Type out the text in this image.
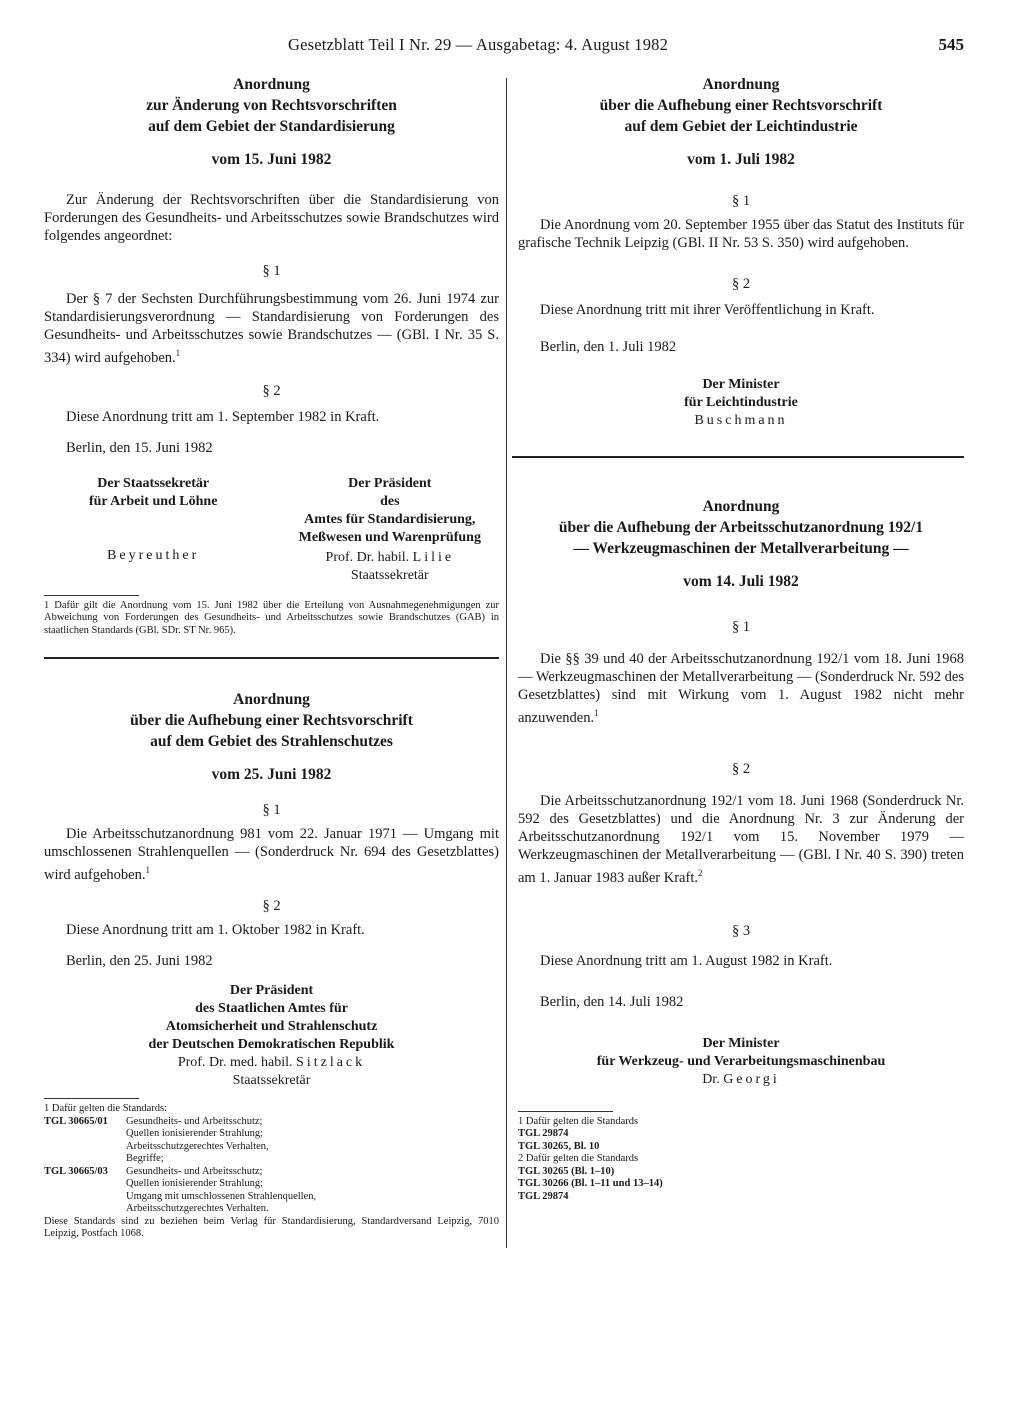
Gesetzblatt Teil I Nr. 29 — Ausgabetag: 4. August 1982	545
Anordnung
zur Änderung von Rechtsvorschriften
auf dem Gebiet der Standardisierung
vom 15. Juni 1982
Zur Änderung der Rechtsvorschriften über die Standardisierung von Forderungen des Gesundheits- und Arbeitsschutzes sowie Brandschutzes wird folgendes angeordnet:
§ 1
Der § 7 der Sechsten Durchführungsbestimmung vom 26. Juni 1974 zur Standardisierungsverordnung — Standardisierung von Forderungen des Gesundheits- und Arbeitsschutzes sowie Brandschutzes — (GBl. I Nr. 35 S. 334) wird aufgehoben.$^1$
§ 2
Diese Anordnung tritt am 1. September 1982 in Kraft.
Berlin, den 15. Juni 1982
Der Staatssekretär
für Arbeit und Löhne
Beyreuther
Der Präsident
des
Amtes für Standardisierung,
Meßwesen und Warenprüfung
Prof. Dr. habil. Lilie
Staatssekretär
1 Dafür gilt die Anordnung vom 15. Juni 1982 über die Erteilung von Ausnahmegenehmigungen zur Abweichung von Forderungen des Gesundheits- und Arbeitsschutzes sowie Brandschutzes (GAB) in staatlichen Standards (GBl. SDr. ST Nr. 965).
Anordnung
über die Aufhebung einer Rechtsvorschrift
auf dem Gebiet des Strahlenschutzes
vom 25. Juni 1982
§ 1
Die Arbeitsschutzanordnung 981 vom 22. Januar 1971 — Umgang mit umschlossenen Strahlenquellen — (Sonderdruck Nr. 694 des Gesetzblattes) wird aufgehoben.$^1$
§ 2
Diese Anordnung tritt am 1. Oktober 1982 in Kraft.
Berlin, den 25. Juni 1982
Der Präsident
des Staatlichen Amtes für
Atomsicherheit und Strahlenschutz
der Deutschen Demokratischen Republik
Prof. Dr. med. habil. Sitzlack
Staatssekretär
1 Dafür gelten die Standards:
TGL 30665/01	Gesundheits- und Arbeitsschutz;
Quellen ionisierender Strahlung;
Arbeitsschutzgerechtes Verhalten,
Begriffe;
TGL 30665/03	Gesundheits- und Arbeitsschutz;
Quellen ionisierender Strahlung;
Umgang mit umschlossenen Strahlenquellen,
Arbeitsschutzgerechtes Verhalten.
Diese Standards sind zu beziehen beim Verlag für Standardisierung, Standardversand Leipzig, 7010 Leipzig, Postfach 1068.
Anordnung
über die Aufhebung einer Rechtsvorschrift
auf dem Gebiet der Leichtindustrie
vom 1. Juli 1982
§ 1
Die Anordnung vom 20. September 1955 über das Statut des Instituts für grafische Technik Leipzig (GBl. II Nr. 53 S. 350) wird aufgehoben.
§ 2
Diese Anordnung tritt mit ihrer Veröffentlichung in Kraft.
Berlin, den 1. Juli 1982
Der Minister
für Leichtindustrie
Buschmann
Anordnung
über die Aufhebung der Arbeitsschutzanordnung 192/1
— Werkzeugmaschinen der Metallverarbeitung —
vom 14. Juli 1982
§ 1
Die §§ 39 und 40 der Arbeitsschutzanordnung 192/1 vom 18. Juni 1968 — Werkzeugmaschinen der Metallverarbeitung — (Sonderdruck Nr. 592 des Gesetzblattes) sind mit Wirkung vom 1. August 1982 nicht mehr anzuwenden.$^1$
§ 2
Die Arbeitsschutzanordnung 192/1 vom 18. Juni 1968 (Sonderdruck Nr. 592 des Gesetzblattes) und die Anordnung Nr. 3 zur Änderung der Arbeitsschutzanordnung 192/1 vom 15. November 1979 — Werkzeugmaschinen der Metallverarbeitung — (GBl. I Nr. 40 S. 390) treten am 1. Januar 1983 außer Kraft.$^2$
§ 3
Diese Anordnung tritt am 1. August 1982 in Kraft.
Berlin, den 14. Juli 1982
Der Minister
für Werkzeug- und Verarbeitungsmaschinenbau
Dr. Georgi
1 Dafür gelten die Standards
TGL 29874
TGL 30265, Bl. 10
2 Dafür gelten die Standards
TGL 30265 (Bl. 1–10)
TGL 30266 (Bl. 1–11 und 13–14)
TGL 29874
